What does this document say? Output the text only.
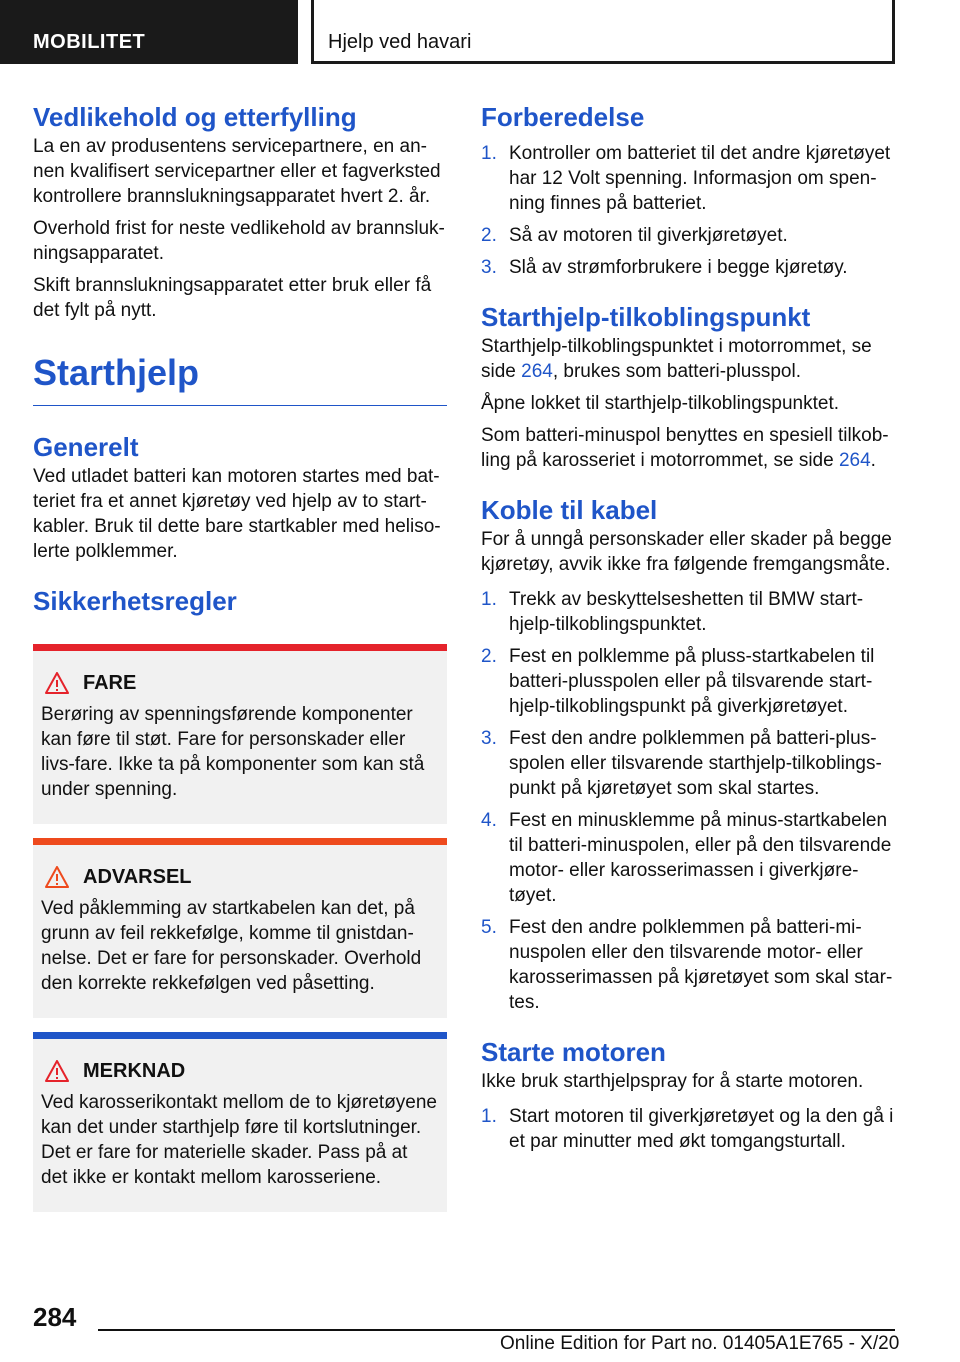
MOBILITET	Hjelp ved havari
Vedlikehold og etterfylling

La en av produsentens servicepartnere, en an-nen kvalifisert servicepartner eller et fagverksted kontrollere brannslukningsapparatet hvert 2. år.

Overhold frist for neste vedlikehold av brannsluk-ningsapparatet.

Skift brannslukningsapparatet etter bruk eller få det fylt på nytt.

Starthjelp
Generelt

Ved utladet batteri kan motoren startes med bat-teriet fra et annet kjøretøy ved hjelp av to start-kabler. Bruk til dette bare startkabler med heliso-lerte polklemmer.

Sikkerhetsregler
FARE

Berøring av spenningsførende komponenter kan føre til støt. Fare for personskader eller livs-fare. Ikke ta på komponenter som kan stå under spenning.

ADVARSEL

Ved påklemming av startkabelen kan det, på grunn av feil rekkefølge, komme til gnistdan-nelse. Det er fare for personskader. Overhold den korrekte rekkefølgen ved påsetting.

MERKNAD

Ved karosserikontakt mellom de to kjøretøyene kan det under starthjelp føre til kortslutninger. Det er fare for materielle skader. Pass på at det ikke er kontakt mellom karosseriene.

Forberedelse
1. Kontroller om batteriet til det andre kjøretøyet har 12 Volt spenning. Informasjon om spen-ning finnes på batteriet.
2. Så av motoren til giverkjøretøyet.
3. Slå av strømforbrukere i begge kjøretøy.
Starthjelp-tilkoblingspunkt

Starthjelp-tilkoblingspunktet i motorrommet, se side 264, brukes som batteri-plusspol.

Åpne lokket til starthjelp-tilkoblingspunktet.

Som batteri-minuspol benyttes en spesiell tilkob-ling på karosseriet i motorrommet, se side 264.

Koble til kabel

For å unngå personskader eller skader på begge kjøretøy, avvik ikke fra følgende fremgangsmåte.

1. Trekk av beskyttelseshetten til BMW start-hjelp-tilkoblingspunktet.
2. Fest en polklemme på pluss-startkabelen til batteri-plusspolen eller på tilsvarende start-hjelp-tilkoblingspunkt på giverkjøretøyet.
3. Fest den andre polklemmen på batteri-plus-spolen eller tilsvarende starthjelp-tilkoblings-punkt på kjøretøyet som skal startes.
4. Fest en minusklemme på minus-startkabelen til batteri-minuspolen, eller på den tilsvarende motor- eller karosserimassen i giverkjøre-tøyet.
5. Fest den andre polklemmen på batteri-mi-nuspolen eller den tilsvarende motor- eller karosserimassen på kjøretøyet som skal star-tes.
Starte motoren

Ikke bruk starthjelpspray for å starte motoren.

1. Start motoren til giverkjøretøyet og la den gå i et par minutter med økt tomgangsturtall.
284
Online Edition for Part no. 01405A1E765 - X/20
